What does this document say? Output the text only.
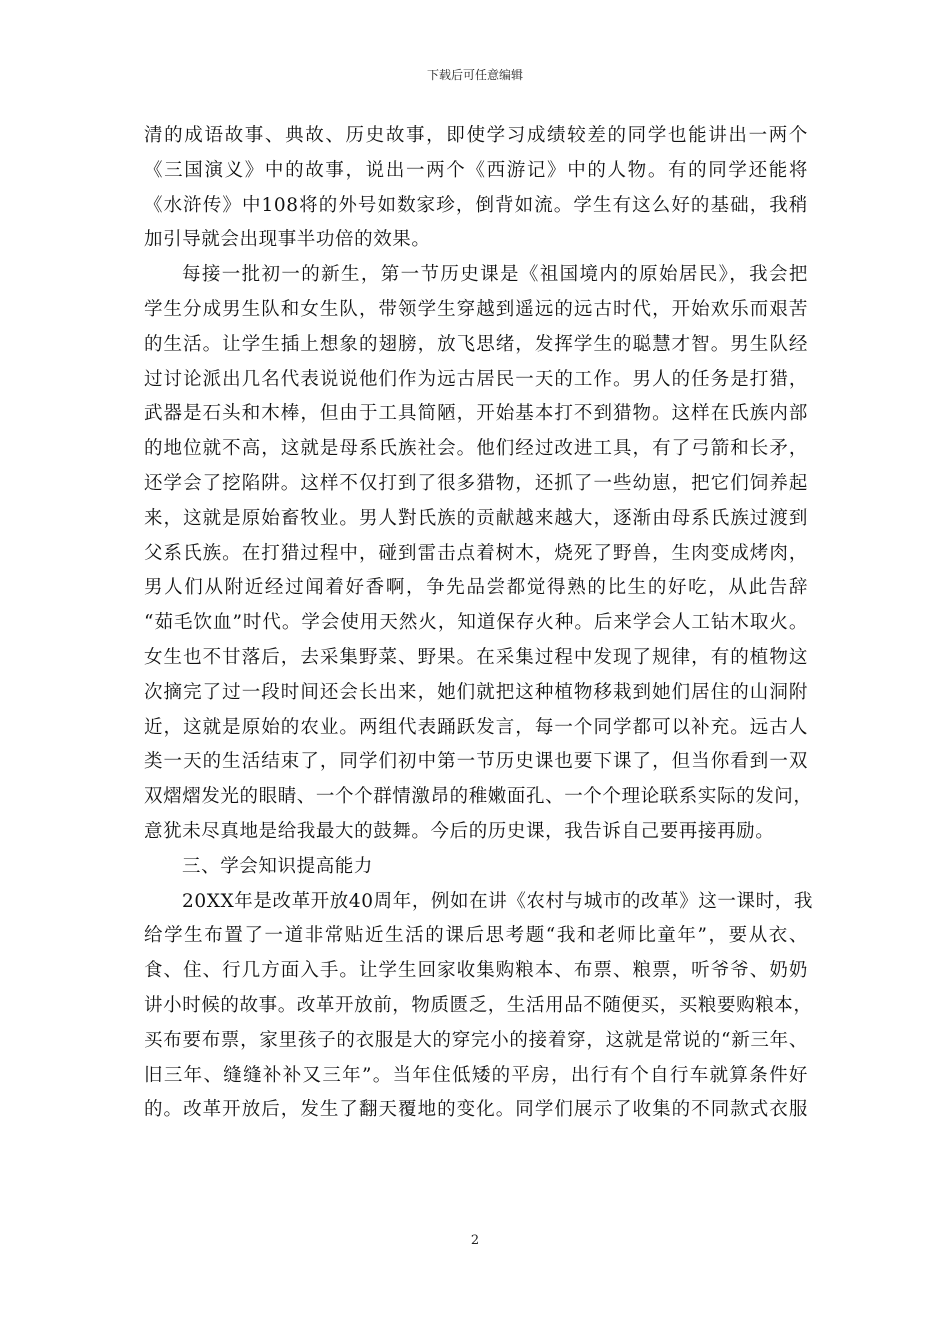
下载后可任意编辑
清的成语故事、典故、历史故事，即使学习成绩较差的同学也能讲出一两个
《三国演义》中的故事，说出一两个《西游记》中的人物。有的同学还能将
《水浒传》中108将的外号如数家珍，倒背如流。学生有这么好的基础，我稍
加引导就会出现事半功倍的效果。
每接一批初一的新生，第一节历史课是《祖国境内的原始居民》，我会把
学生分成男生队和女生队，带领学生穿越到遥远的远古时代，开始欢乐而艰苦
的生活。让学生插上想象的翅膀，放飞思绪，发挥学生的聪慧才智。男生队经
过讨论派出几名代表说说他们作为远古居民一天的工作。男人的任务是打猎，
武器是石头和木棒，但由于工具简陋，开始基本打不到猎物。这样在氏族内部
的地位就不高，这就是母系氏族社会。他们经过改进工具，有了弓箭和长矛，
还学会了挖陷阱。这样不仅打到了很多猎物，还抓了一些幼崽，把它们饲养起
来，这就是原始畜牧业。男人對氏族的贡献越来越大，逐渐由母系氏族过渡到
父系氏族。在打猎过程中，碰到雷击点着树木，烧死了野兽，生肉变成烤肉，
男人们从附近经过闻着好香啊，争先品尝都觉得熟的比生的好吃，从此告辞
“茹毛饮血”时代。学会使用天然火，知道保存火种。后来学会人工钻木取火。
女生也不甘落后，去采集野菜、野果。在采集过程中发现了规律，有的植物这
次摘完了过一段时间还会长出来，她们就把这种植物移栽到她们居住的山洞附
近，这就是原始的农业。两组代表踊跃发言，每一个同学都可以补充。远古人
类一天的生活结束了，同学们初中第一节历史课也要下课了，但当你看到一双
双熠熠发光的眼睛、一个个群情激昂的稚嫩面孔、一个个理论联系实际的发问，
意犹未尽真地是给我最大的鼓舞。今后的历史课，我告诉自己要再接再励。
三、学会知识提高能力
20XX年是改革开放40周年，例如在讲《农村与城市的改革》这一课时，我
给学生布置了一道非常贴近生活的课后思考题“我和老师比童年”，要从衣、
食、住、行几方面入手。让学生回家收集购粮本、布票、粮票，听爷爷、奶奶
讲小时候的故事。改革开放前，物质匮乏，生活用品不随便买，买粮要购粮本，
买布要布票，家里孩子的衣服是大的穿完小的接着穿，这就是常说的“新三年、
旧三年、缝缝补补又三年”。当年住低矮的平房，出行有个自行车就算条件好
的。改革开放后，发生了翻天覆地的变化。同学们展示了收集的不同款式衣服
2
